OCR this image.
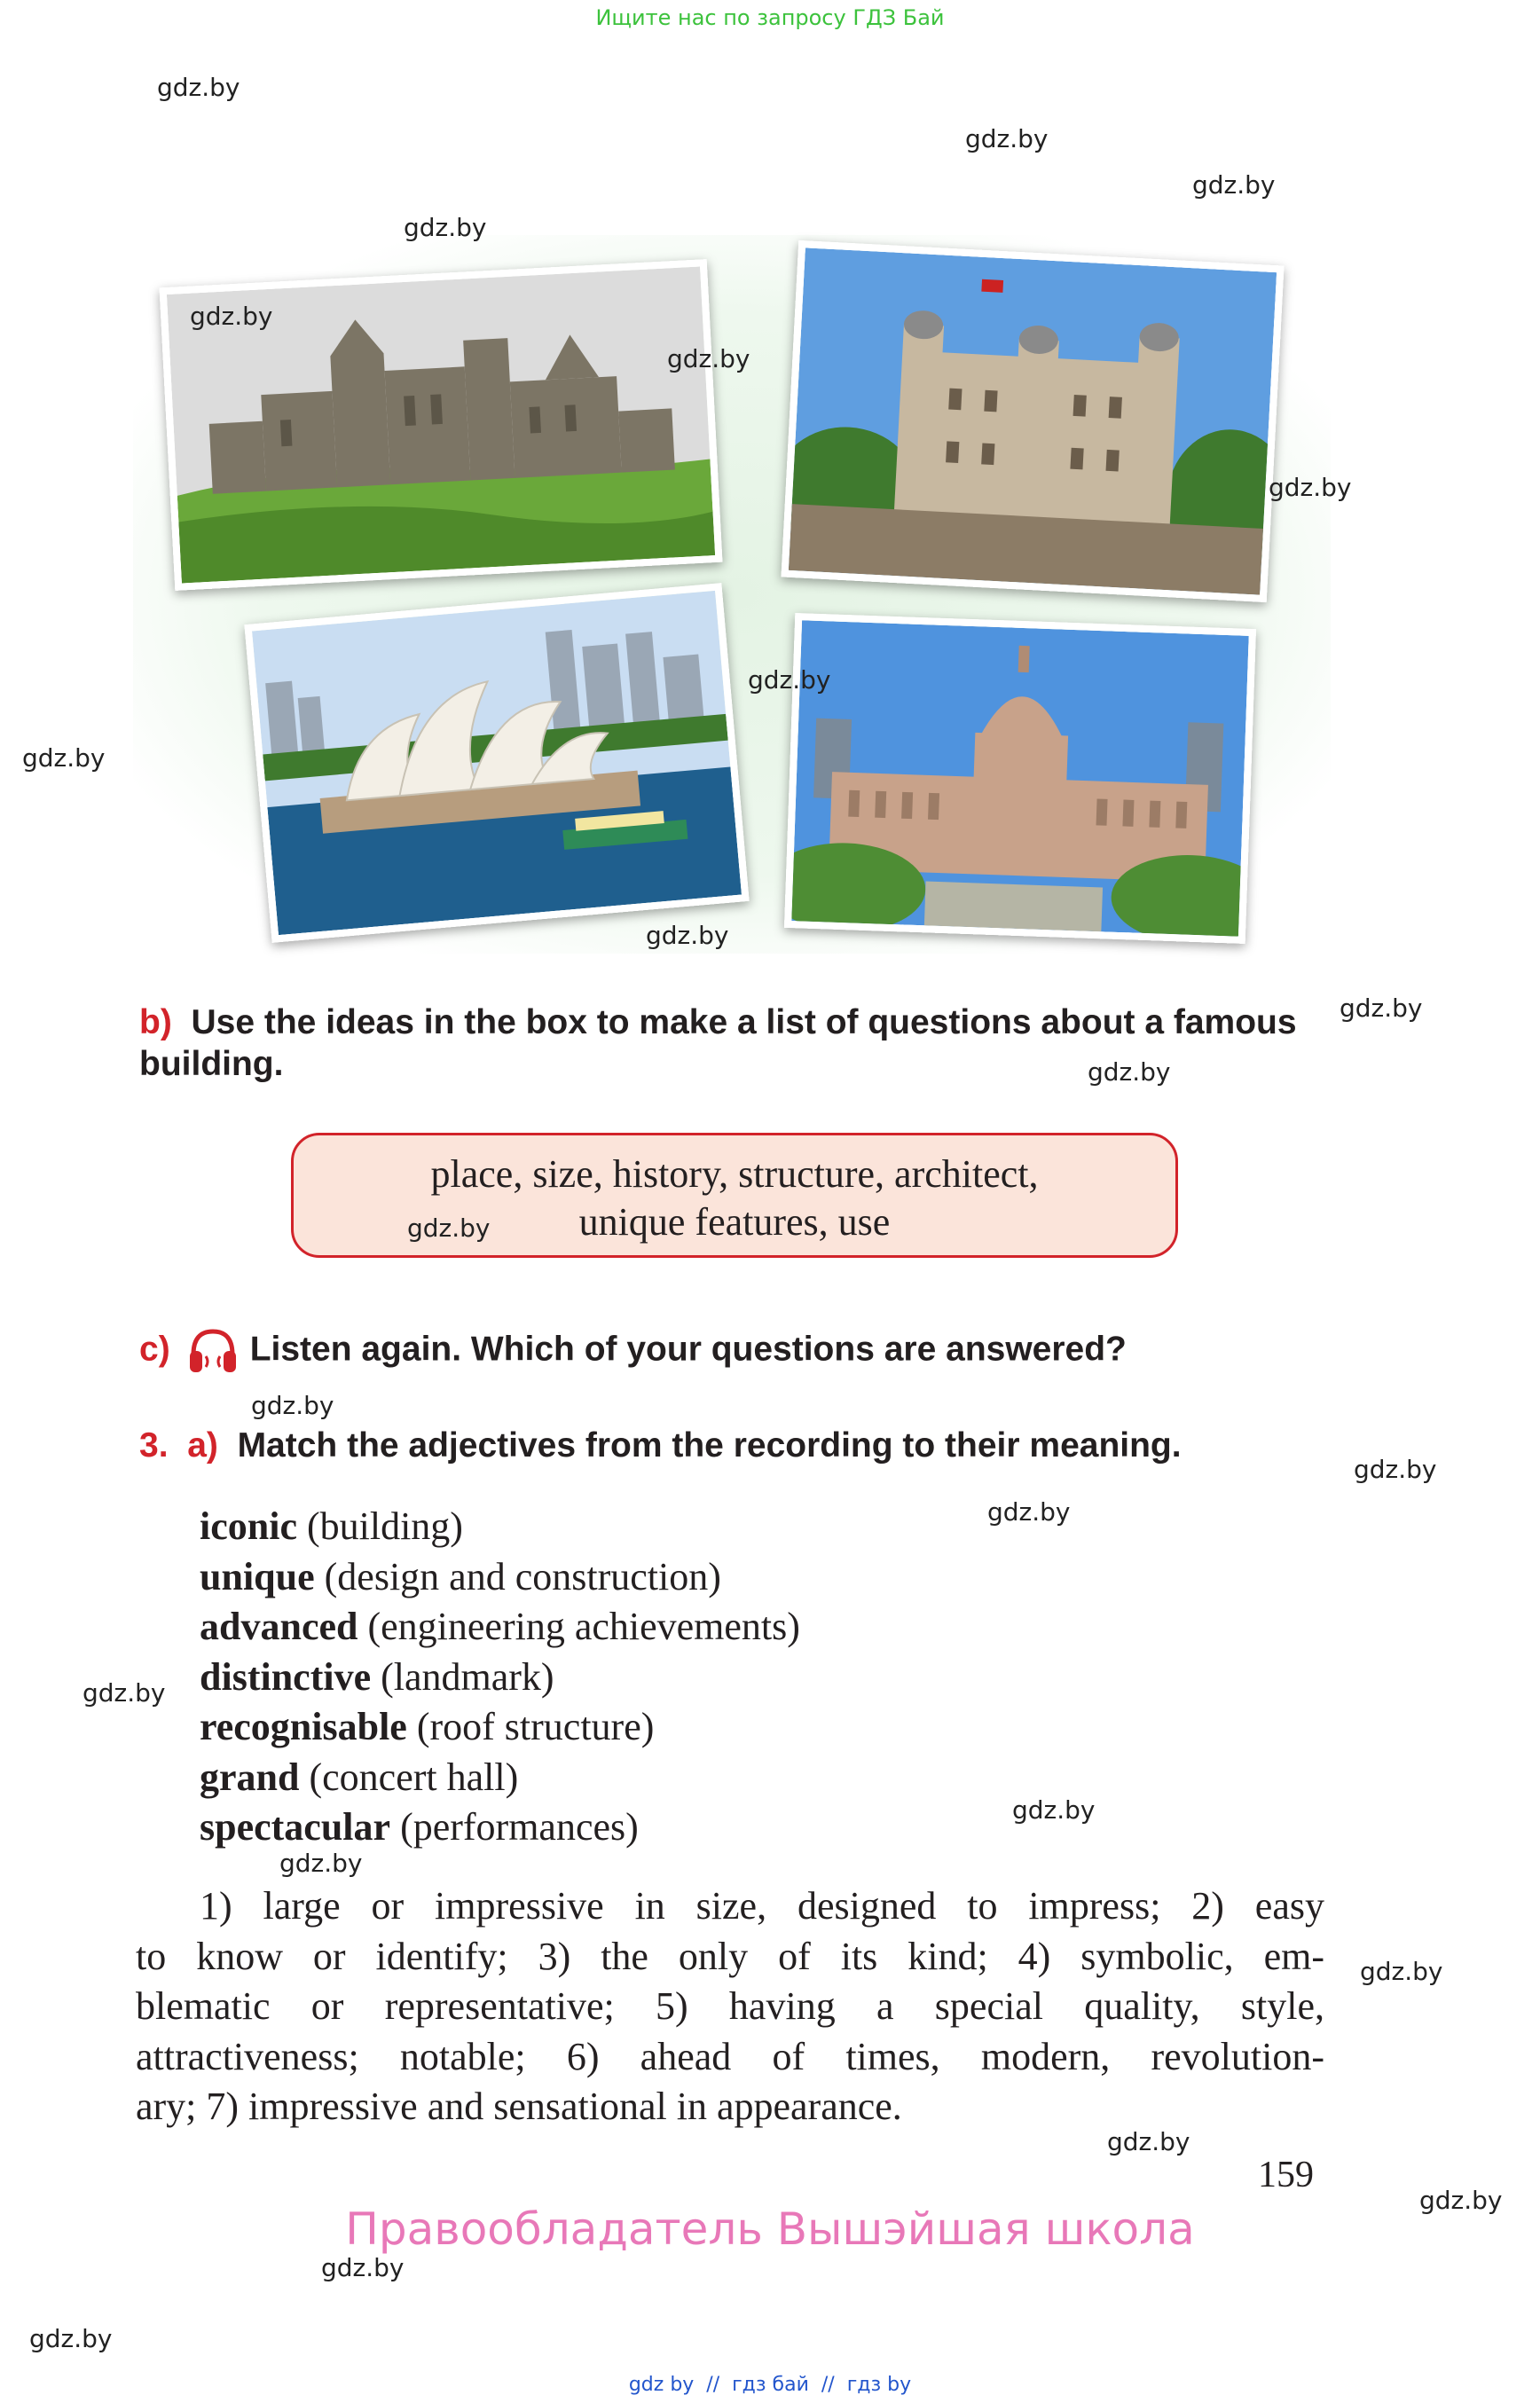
Ищите нас по запросу ГДЗ Бай
b) Use the ideas in the box to make a list of questions about a famous
building.
place, size, history, structure, architect,
unique features, use
c) Listen again. Which of your questions are answered?
3. a) Match the adjectives from the recording to their meaning.
iconic (building)
unique (design and construction)
advanced (engineering achievements)
distinctive (landmark)
recognisable (roof structure)
grand (concert hall)
spectacular (performances)
1) large or impressive in size, designed to impress; 2) easy
to know or identify; 3) the only of its kind; 4) symbolic, em-
blematic or representative; 5) having a special quality, style,
attractiveness; notable; 6) ahead of times, modern, revolution-
ary; 7) impressive and sensational in appearance.
159
Правообладатель Вышэйшая школа
gdz.by
gdz.by
gdz.by
gdz.by
gdz.by
gdz.by
gdz.by
gdz.by
gdz.by
gdz.by
gdz.by
gdz.by
gdz.by
gdz.by
gdz.by
gdz.by
gdz.by
gdz.by
gdz.by
gdz.by
gdz.by
gdz.by
gdz.by
gdz.by
gdz by  //  гдз бай  //  гдз by
